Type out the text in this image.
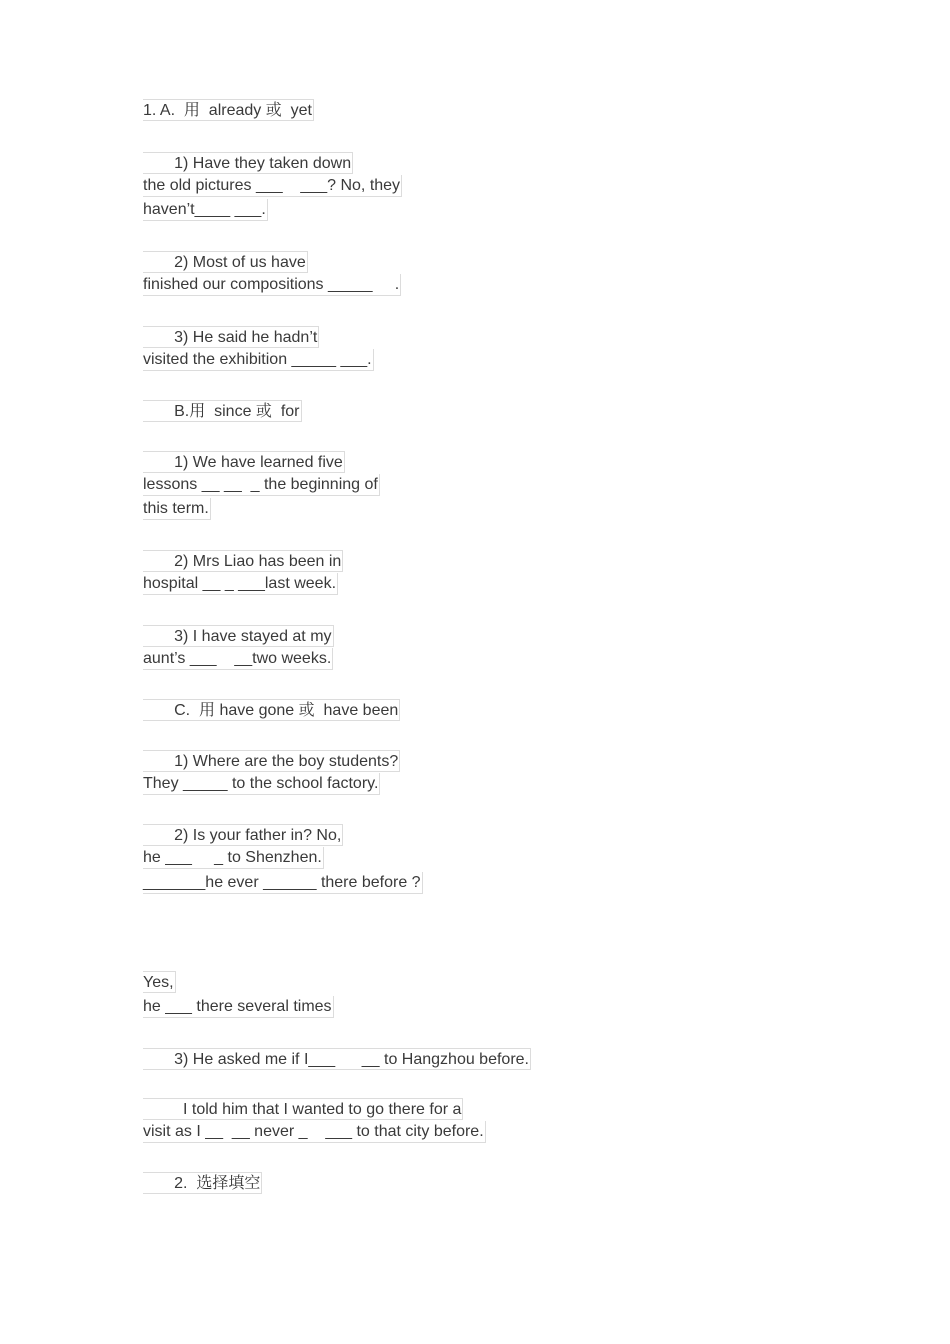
1. A.  用  already 或  yet
1) Have they taken down
the old pictures ___    ___? No, they
haven’t____ ___.
2) Most of us have
finished our compositions _____     .
3) He said he hadn’t
visited the exhibition _____ ___.
B.用  since 或  for
1) We have learned five
lessons __ __  _ the beginning of
this term.
2) Mrs Liao has been in
hospital __ _ ___last week.
3) I have stayed at my
aunt’s ___    __two weeks.
C.  用 have gone 或  have been
1) Where are the boy students?
They _____ to the school factory.
2) Is your father in? No,
he ___     _ to Shenzhen.
_______he ever ______ there before ?
Yes,
he ___ there several times
3) He asked me if I___      __ to Hangzhou before.
I told him that I wanted to go there for a
visit as I __  __ never _    ___ to that city before.
2.  选择填空
